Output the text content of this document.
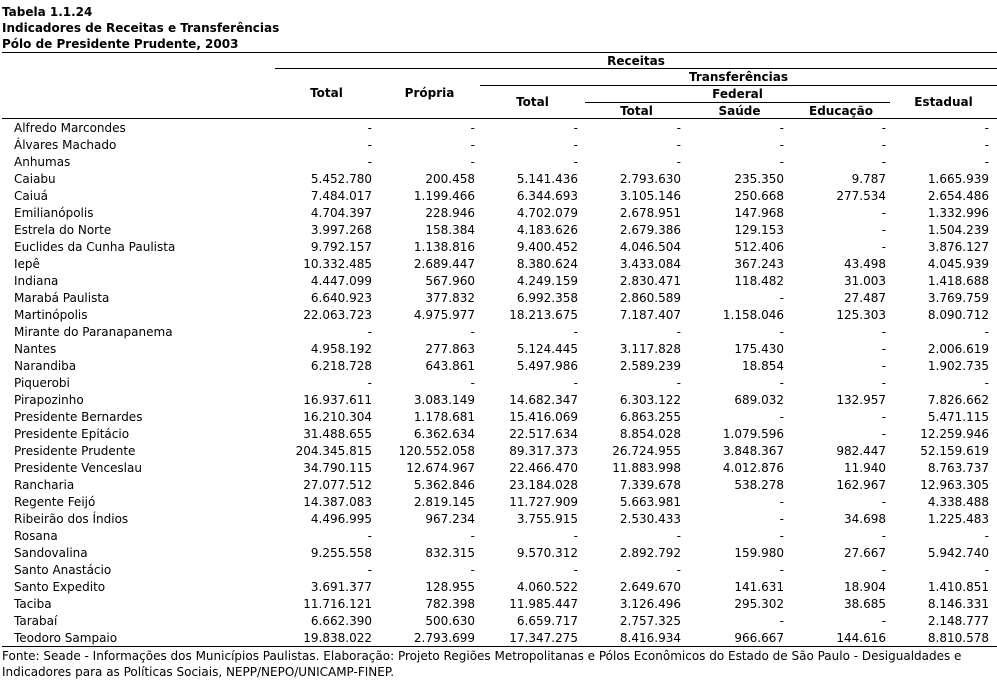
Tabela 1.1.24
Indicadores de Receitas e Transferências
Pólo de Presidente Prudente, 2003
Receitas
Transferências
Total	Própria	Federal
Total	Estadual
Total	Saúde	Educação
Alfredo Marcondes	-	-	-	-	-	-	-
Álvares Machado	-	-	-	-	-	-	-
Anhumas	-	-	-	-	-	-	-
Caiabu	5.452.780	200.458	5.141.436	2.793.630	235.350	9.787	1.665.939
Caiuá	7.484.017	1.199.466	6.344.693	3.105.146	250.668	277.534	2.654.486
Emilianópolis	4.704.397	228.946	4.702.079	2.678.951	147.968	-	1.332.996
Estrela do Norte	3.997.268	158.384	4.183.626	2.679.386	129.153	-	1.504.239
Euclides da Cunha Paulista	9.792.157	1.138.816	9.400.452	4.046.504	512.406	-	3.876.127
Iepê	10.332.485	2.689.447	8.380.624	3.433.084	367.243	43.498	4.045.939
Indiana	4.447.099	567.960	4.249.159	2.830.471	118.482	31.003	1.418.688
Marabá Paulista	6.640.923	377.832	6.992.358	2.860.589	-	27.487	3.769.759
Martinópolis	22.063.723	4.975.977	18.213.675	7.187.407	1.158.046	125.303	8.090.712
Mirante do Paranapanema	-	-	-	-	-	-	-
Nantes	4.958.192	277.863	5.124.445	3.117.828	175.430	-	2.006.619
Narandiba	6.218.728	643.861	5.497.986	2.589.239	18.854	-	1.902.735
Piquerobi	-	-	-	-	-	-	-
Pirapozinho	16.937.611	3.083.149	14.682.347	6.303.122	689.032	132.957	7.826.662
Presidente Bernardes	16.210.304	1.178.681	15.416.069	6.863.255	-	-	5.471.115
Presidente Epitácio	31.488.655	6.362.634	22.517.634	8.854.028	1.079.596	-	12.259.946
Presidente Prudente	204.345.815 120.552.058	89.317.373	26.724.955	3.848.367	982.447	52.159.619
Presidente Venceslau	34.790.115	12.674.967	22.466.470	11.883.998	4.012.876	11.940	8.763.737
Rancharia	27.077.512	5.362.846	23.184.028	7.339.678	538.278	162.967	12.963.305
Regente Feijó	14.387.083	2.819.145	11.727.909	5.663.981	-	-	4.338.488
Ribeirão dos Índios	4.496.995	967.234	3.755.915	2.530.433	-	34.698	1.225.483
Rosana	-	-	-	-	-	-	-
Sandovalina	9.255.558	832.315	9.570.312	2.892.792	159.980	27.667	5.942.740
Santo Anastácio	-	-	-	-	-	-	-
Santo Expedito	3.691.377	128.955	4.060.522	2.649.670	141.631	18.904	1.410.851
Taciba	11.716.121	782.398	11.985.447	3.126.496	295.302	38.685	8.146.331
Tarabaí	6.662.390	500.630	6.659.717	2.757.325	-	-	2.148.777
Teodoro Sampaio	19.838.022	2.793.699	17.347.275	8.416.934	966.667	144.616	8.810.578
Fonte: Seade - Informações dos Municípios Paulistas. Elaboração: Projeto Regiões Metropolitanas e Pólos Econômicos do Estado de São Paulo - Desigualdades e Indicadores para as Políticas Sociais, NEPP/NEPO/UNICAMP-FINEP.
